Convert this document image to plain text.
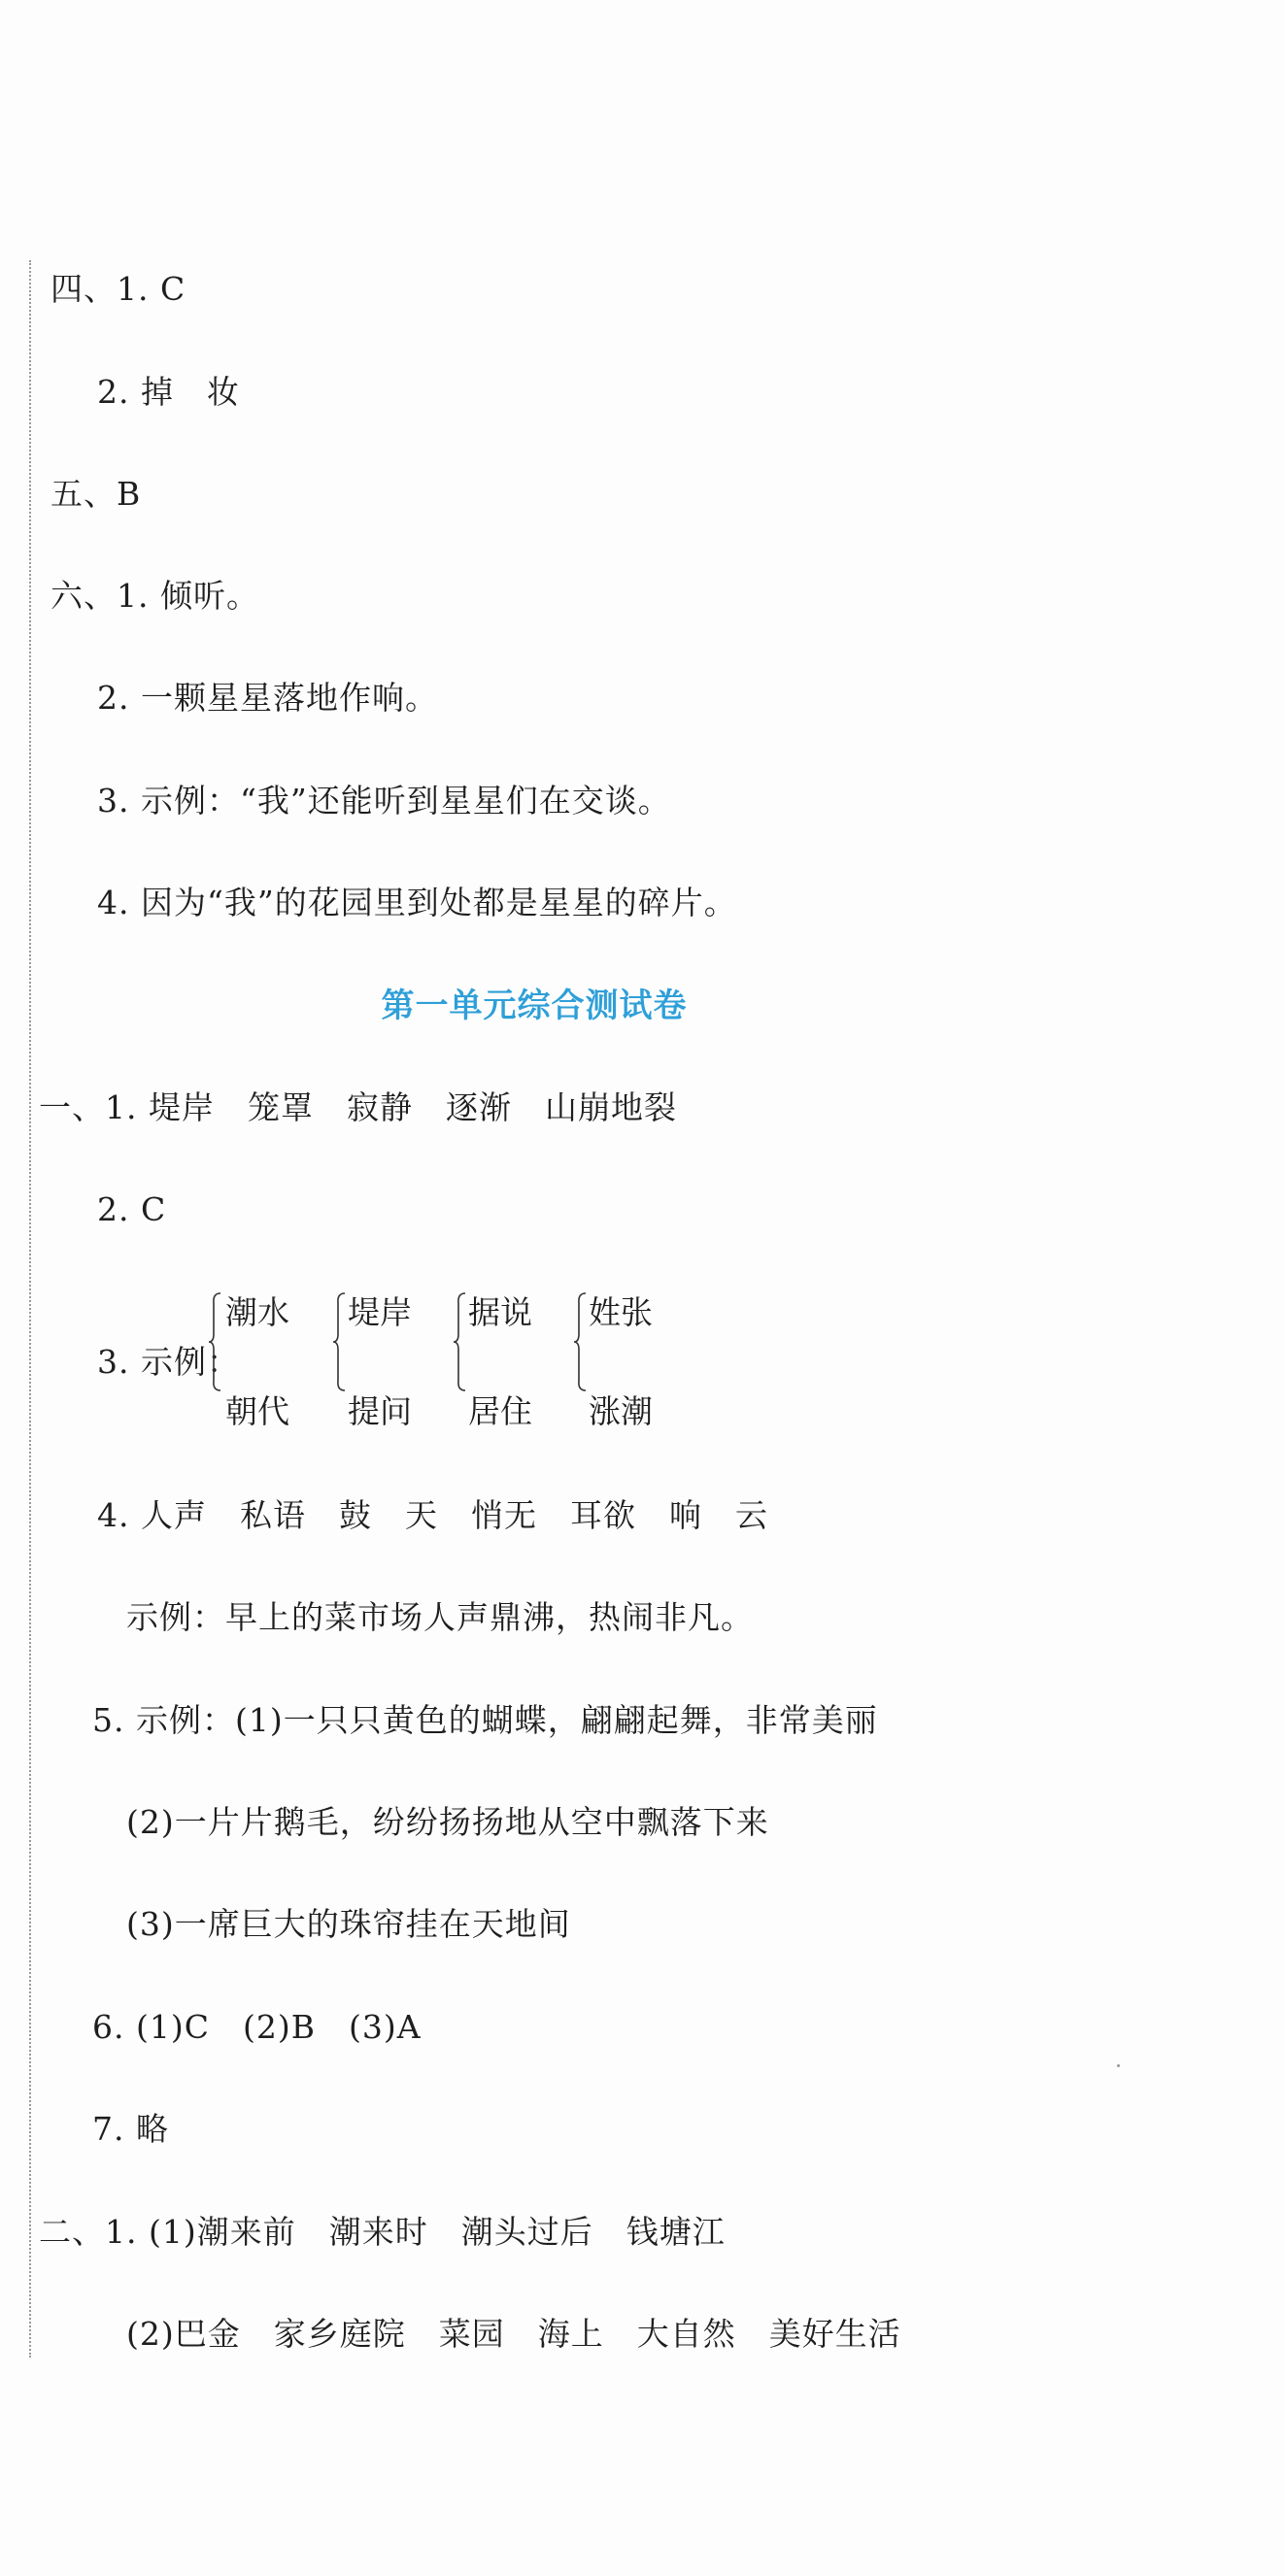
四、1. C
2. 掉　妆
五、B
六、1. 倾听。
2. 一颗星星落地作响。
3. 示例：“我”还能听到星星们在交谈。
4. 因为“我”的花园里到处都是星星的碎片。
第一单元综合测试卷
一、1. 堤岸　笼罩　寂静　逐渐　山崩地裂
2. C
3. 示例：
潮水
朝代
堤岸
提问
据说
居住
姓张
涨潮
4. 人声　私语　鼓　天　悄无　耳欲　响　云
示例：早上的菜市场人声鼎沸，热闹非凡。
5. 示例：(1)一只只黄色的蝴蝶，翩翩起舞，非常美丽
(2)一片片鹅毛，纷纷扬扬地从空中飘落下来
(3)一席巨大的珠帘挂在天地间
6. (1)C　(2)B　(3)A
7. 略
二、1. (1)潮来前　潮来时　潮头过后　钱塘江
(2)巴金　家乡庭院　菜园　海上　大自然　美好生活
